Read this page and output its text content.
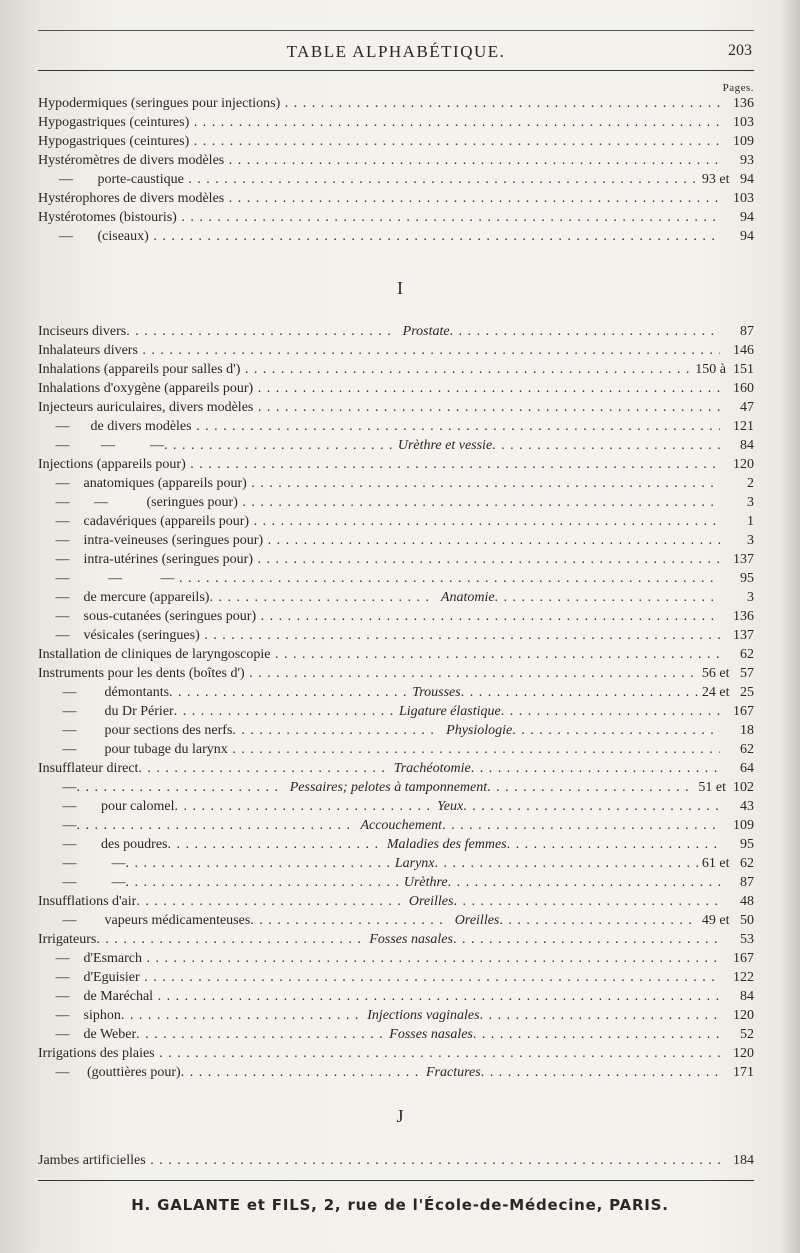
TABLE ALPHABÉTIQUE.	203
Pages.
Hypodermiques (seringues pour injections) . . .	136
Hypogastriques (ceintures) . . .	103
Hypogastriques (ceintures) . . .	109
Hystéromètres de divers modèles . . .	93
—       porte-caustique . . .	93 et   94
Hystérophores de divers modèles . . .	103
Hystérotomes (bistouris) . . .	94
—       (ciseaux) . . .	94
I
Inciseurs divers . . .	Prostate . . .	87
Inhalateurs divers . . .	146
Inhalations (appareils pour salles d') . . .	150 à  151
Inhalations d'oxygène (appareils pour) . . .	160
Injecteurs auriculaires, divers modèles . . .	47
—      de divers modèles . . .	121
—         —          — . . .	Urèthre et vessie . . .	84
Injections (appareils pour) . . .	120
—    anatomiques (appareils pour) . . .	2
—       —           (seringues pour) . . .	3
—    cadavériques (appareils pour) . . .	1
—    intra-veineuses (seringues pour) . . .	3
—    intra-utérines (seringues pour) . . .	137
—           —           — . . .	95
—    de mercure (appareils) . . .	Anatomie . . .	3
—    sous-cutanées (seringues pour) . . .	136
—    vésicales (seringues) . . .	137
Installation de cliniques de laryngoscopie . . .	62
Instruments pour les dents (boîtes d') . . .	56 et   57
—        démontants . . .	Trousses . . .	24 et   25
—        du Dr Périer . . .	Ligature élastique . . .	167
—        pour sections des nerfs . . .	Physiologie . . .	18
—        pour tubage du larynx . . .	62
Insufflateur direct . . .	Trachéotomie . . .	64
— . . .	Pessaires; pelotes à tamponnement . . .	51 et  102
—       pour calomel . . .	Yeux . . .	43
— . . .	Accouchement . . .	109
—       des poudres . . .	Maladies des femmes . . .	95
—          — . . .	Larynx . . .	61 et   62
—          — . . .	Urèthre . . .	87
Insufflations d'air . . .	Oreilles . . .	48
—        vapeurs médicamenteuses . . .	Oreilles . . .	49 et   50
Irrigateurs . . .	Fosses nasales . . .	53
—    d'Esmarch . . .	167
—    d'Eguisier . . .	122
—    de Maréchal . . .	84
—    siphon . . .	Injections vaginales . . .	120
—    de Weber . . .	Fosses nasales . . .	52
Irrigations des plaies . . .	120
—     (gouttières pour) . . .	Fractures . . .	171
J
Jambes artificielles . . .	184
H. GALANTE et FILS, 2, rue de l'École-de-Médecine, PARIS.
